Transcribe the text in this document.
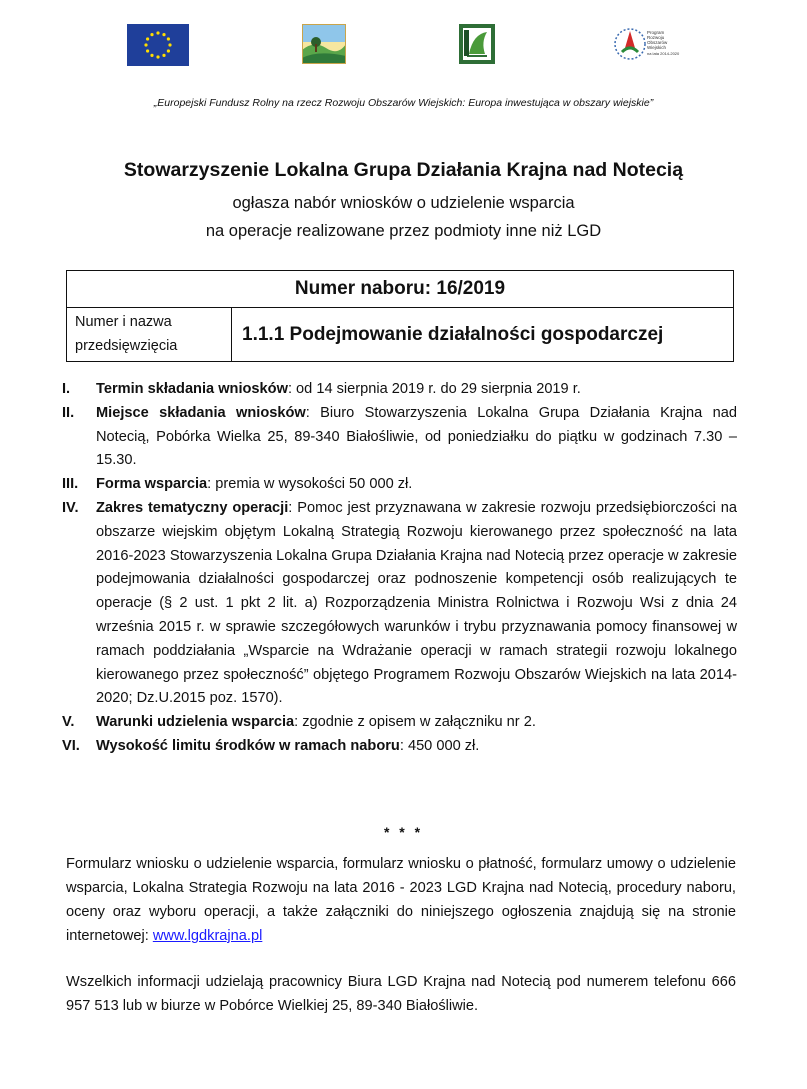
Program
Rozwoju
Obszarów
Wiejskich
na lata 2014-2020
„Europejski Fundusz Rolny na rzecz Rozwoju Obszarów Wiejskich: Europa inwestująca w obszary wiejskie”
Stowarzyszenie Lokalna Grupa Działania Krajna nad Notecią
ogłasza nabór wniosków o udzielenie wsparcia
na operacje realizowane przez podmioty inne niż LGD
Numer naboru: 16/2019
Numer i nazwa przedsięwzięcia
1.1.1 Podejmowanie działalności gospodarczej
I. Termin składania wniosków: od 14 sierpnia 2019 r. do 29 sierpnia 2019 r.
II. Miejsce składania wniosków: Biuro Stowarzyszenia Lokalna Grupa Działania Krajna nad Notecią, Pobórka Wielka 25, 89-340 Białośliwie, od poniedziałku do piątku w godzinach 7.30 – 15.30.
III. Forma wsparcia: premia w wysokości 50 000 zł.
IV. Zakres tematyczny operacji: Pomoc jest przyznawana w zakresie rozwoju przedsiębiorczości na obszarze wiejskim objętym Lokalną Strategią Rozwoju kierowanego przez społeczność na lata 2016-2023 Stowarzyszenia Lokalna Grupa Działania Krajna nad Notecią przez operacje w zakresie podejmowania działalności gospodarczej oraz podnoszenie kompetencji osób realizujących te operacje (§ 2 ust. 1 pkt 2 lit. a) Rozporządzenia Ministra Rolnictwa i Rozwoju Wsi z dnia 24 września 2015 r. w sprawie szczegółowych warunków i trybu przyznawania pomocy finansowej w ramach poddziałania „Wsparcie na Wdrażanie operacji w ramach strategii rozwoju lokalnego kierowanego przez społeczność” objętego Programem Rozwoju Obszarów Wiejskich na lata 2014-2020; Dz.U.2015 poz. 1570).
V. Warunki udzielenia wsparcia: zgodnie z opisem w załączniku nr 2.
VI. Wysokość limitu środków w ramach naboru: 450 000 zł.
* * *
Formularz wniosku o udzielenie wsparcia, formularz wniosku o płatność, formularz umowy o udzielenie wsparcia, Lokalna Strategia Rozwoju na lata 2016 - 2023 LGD Krajna nad Notecią, procedury naboru, oceny oraz wyboru operacji, a także załączniki do niniejszego ogłoszenia znajdują się na stronie internetowej: www.lgdkrajna.pl
Wszelkich informacji udzielają pracownicy Biura LGD Krajna nad Notecią pod numerem telefonu 666 957 513 lub w biurze w Pobórce Wielkiej 25, 89-340 Białośliwie.
